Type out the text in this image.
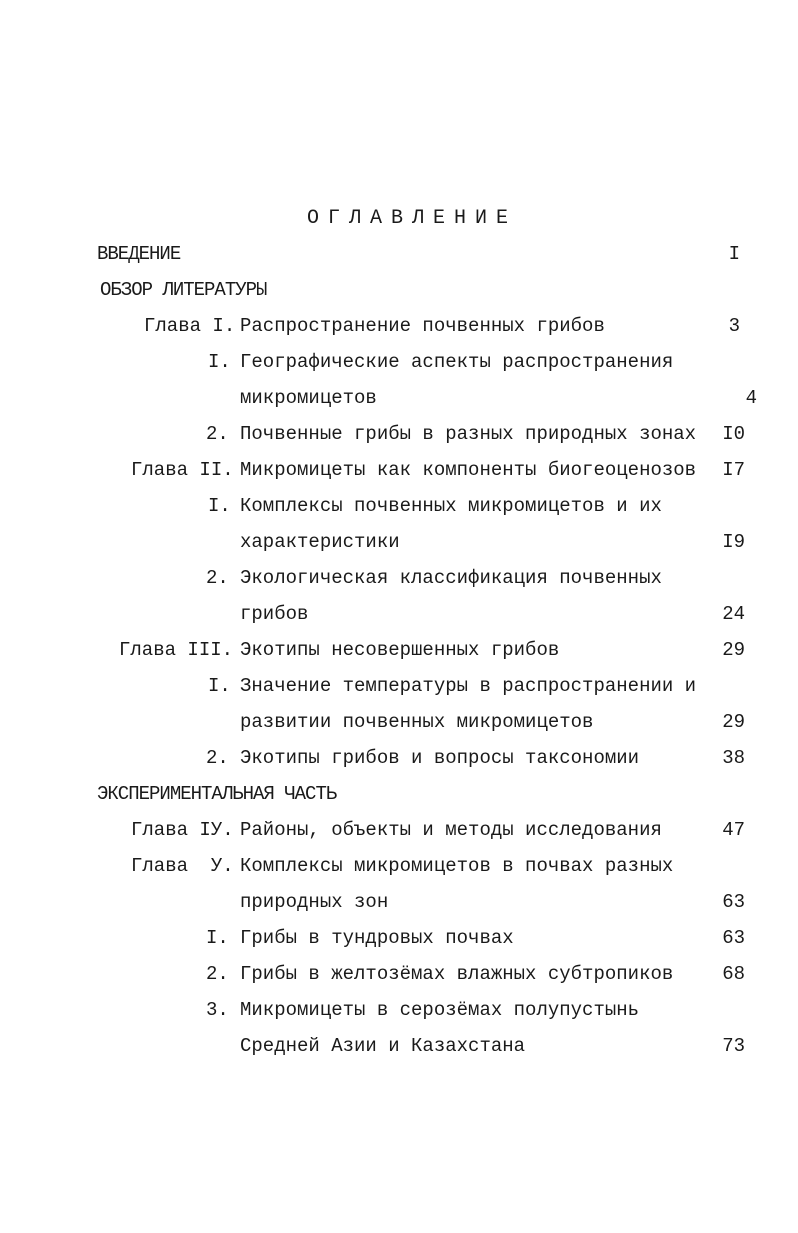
ОГЛАВЛЕНИЕ
ВВЕДЕНИЕ	I
ОБЗОР ЛИТЕРАТУРЫ
Глава I. Распространение почвенных грибов	3
I. Географические аспекты распространения
микромицетов	4
2. Почвенные грибы в разных природных зонах	I0
Глава II. Микромицеты как компоненты биогеоценозов	I7
I. Комплексы почвенных микромицетов и их
характеристики	I9
2. Экологическая классификация почвенных
грибов	24
Глава III. Экотипы несовершенных грибов	29
I. Значение температуры в распространении и
развитии почвенных микромицетов	29
2. Экотипы грибов и вопросы таксономии	38
ЭКСПЕРИМЕНТАЛЬНАЯ ЧАСТЬ
Глава IУ. Районы, объекты и методы исследования	47
Глава  У. Комплексы микромицетов в почвах разных
природных зон	63
I. Грибы в тундровых почвах	63
2. Грибы в желтозёмах влажных субтропиков	68
3. Микромицеты в серозёмах полупустынь
Средней Азии и Казахстана	73
